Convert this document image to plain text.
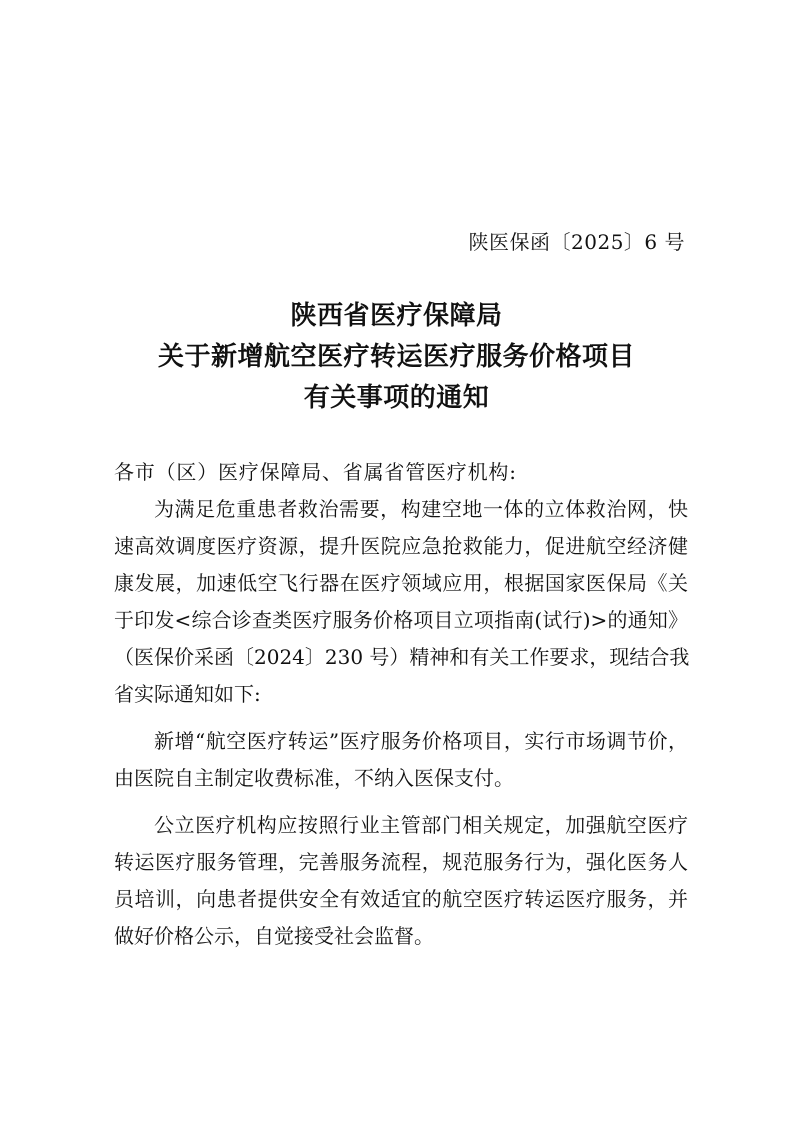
陕医保函〔2025〕6 号
陕西省医疗保障局
关于新增航空医疗转运医疗服务价格项目
有关事项的通知

各市（区）医疗保障局、省属省管医疗机构:

为满足危重患者救治需要，构建空地一体的立体救治网，快
速高效调度医疗资源，提升医院应急抢救能力，促进航空经济健
康发展，加速低空飞行器在医疗领域应用，根据国家医保局《关
于印发<综合诊查类医疗服务价格项目立项指南(试行)>的通知》
（医保价采函〔2024〕230 号）精神和有关工作要求，现结合我
省实际通知如下:
新增“航空医疗转运”医疗服务价格项目，实行市场调节价，
由医院自主制定收费标准，不纳入医保支付。
公立医疗机构应按照行业主管部门相关规定，加强航空医疗
转运医疗服务管理，完善服务流程，规范服务行为，强化医务人
员培训，向患者提供安全有效适宜的航空医疗转运医疗服务，并
做好价格公示，自觉接受社会监督。
